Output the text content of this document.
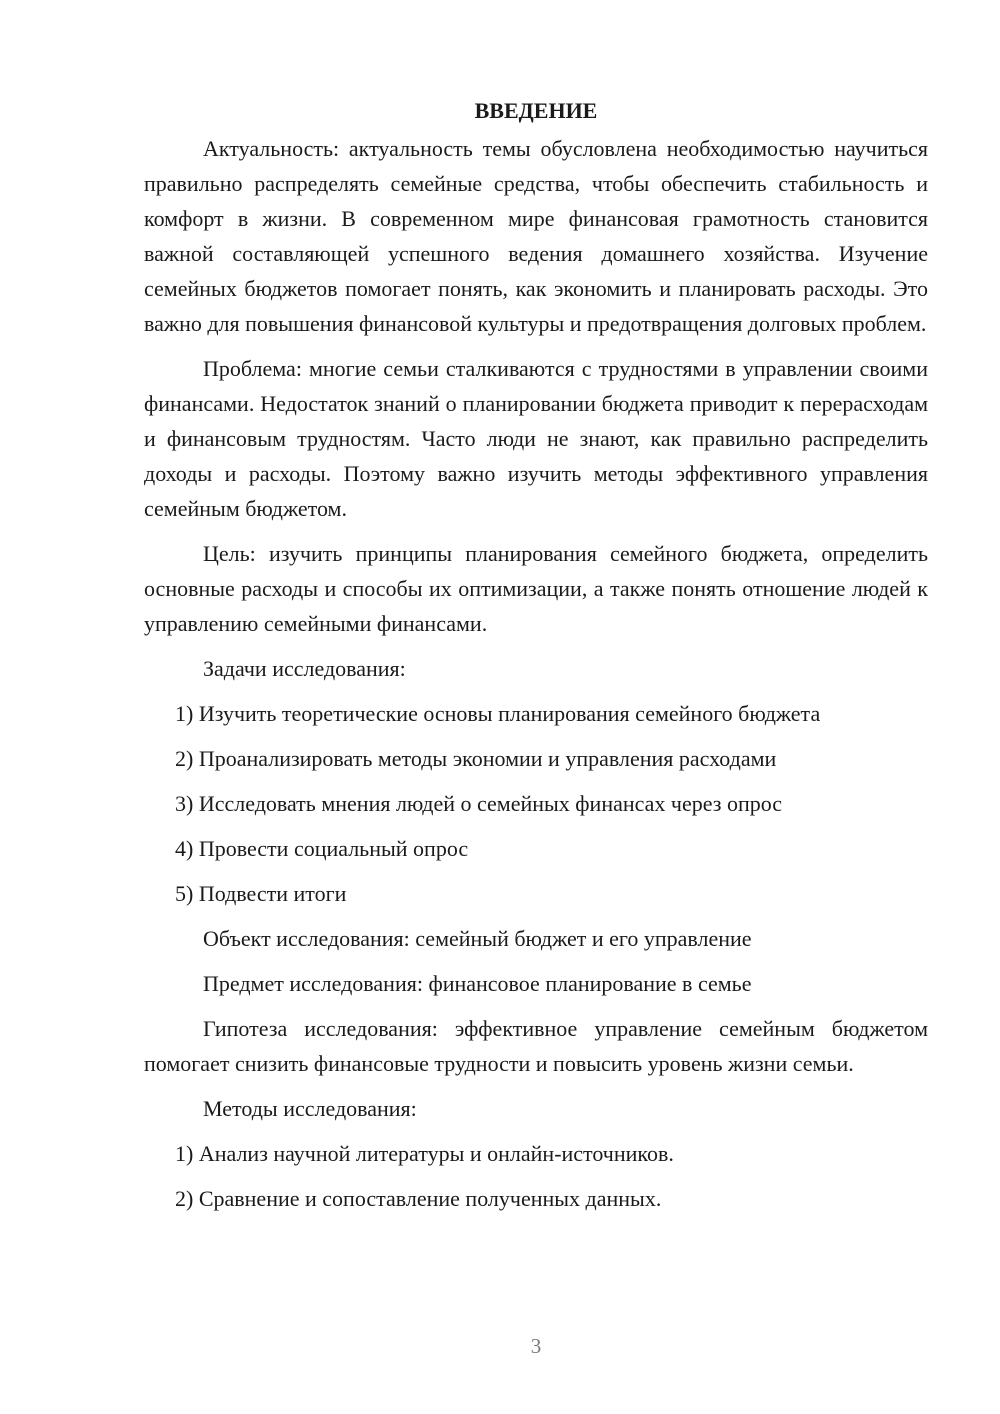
ВВЕДЕНИЕ

Актуальность: актуальность темы обусловлена необходимостью научиться правильно распределять семейные средства, чтобы обеспечить стабильность и комфорт в жизни. В современном мире финансовая грамотность становится важной составляющей успешного ведения домашнего хозяйства. Изучение семейных бюджетов помогает понять, как экономить и планировать расходы. Это важно для повышения финансовой культуры и предотвращения долговых проблем.

Проблема: многие семьи сталкиваются с трудностями в управлении своими финансами. Недостаток знаний о планировании бюджета приводит к перерасходам и финансовым трудностям. Часто люди не знают, как правильно распределить доходы и расходы. Поэтому важно изучить методы эффективного управления семейным бюджетом.

Цель: изучить принципы планирования семейного бюджета, определить основные расходы и способы их оптимизации, а также понять отношение людей к управлению семейными финансами.

Задачи исследования:

1) Изучить теоретические основы планирования семейного бюджета

2) Проанализировать методы экономии и управления расходами

3) Исследовать мнения людей о семейных финансах через опрос

4) Провести социальный опрос

5) Подвести итоги

Объект исследования: семейный бюджет и его управление

Предмет исследования: финансовое планирование в семье

Гипотеза исследования: эффективное управление семейным бюджетом помогает снизить финансовые трудности и повысить уровень жизни семьи.

Методы исследования:

1) Анализ научной литературы и онлайн-источников.

2) Сравнение и сопоставление полученных данных.

3
